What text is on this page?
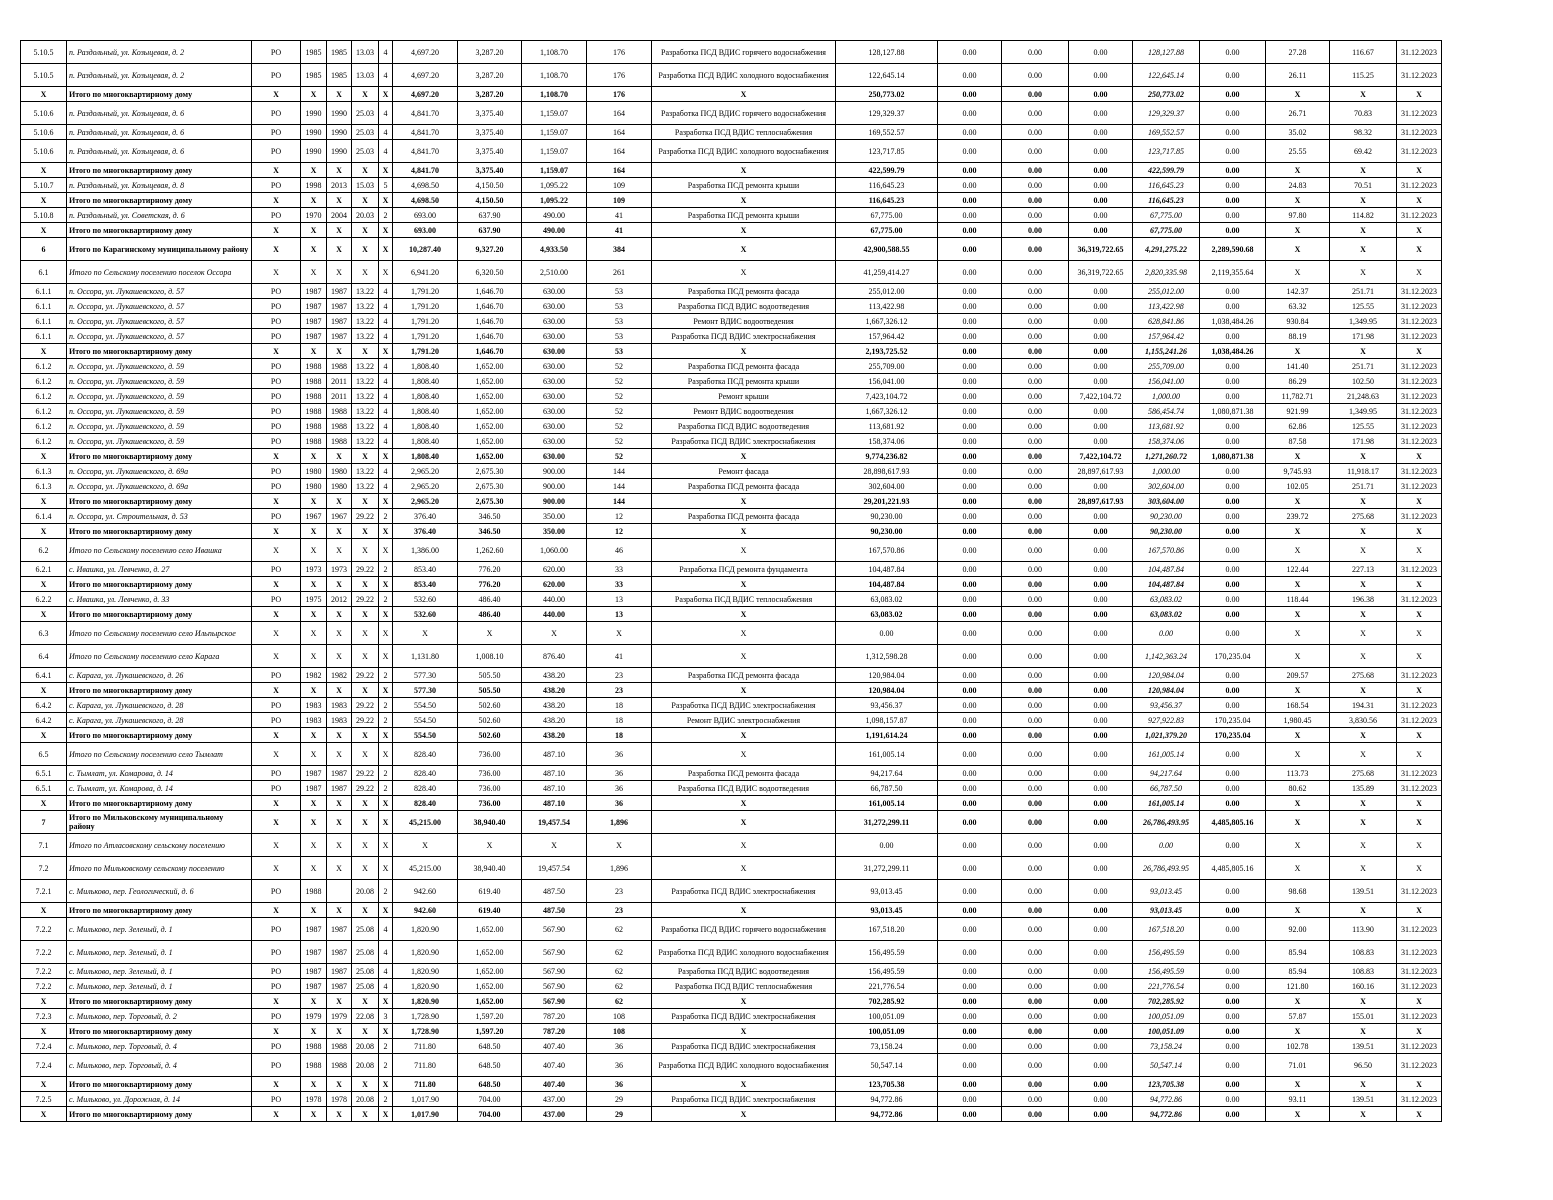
5.10.5	п. Раздольный, ул. Козыцевая, д. 2	РО	1985	1985	13.03	4	4,697.20	3,287.20	1,108.70	176	Разработка ПСД ВДИС горячего водоснабжения	128,127.88	0.00	0.00	0.00	128,127.88	0.00	27.28	116.67	31.12.2023
5.10.5	п. Раздольный, ул. Козыцевая, д. 2	РО	1985	1985	13.03	4	4,697.20	3,287.20	1,108.70	176	Разработка ПСД ВДИС холодного водоснабжения	122,645.14	0.00	0.00	0.00	122,645.14	0.00	26.11	115.25	31.12.2023
X	Итого по многоквартирному дому	X	X	X	X	X	4,697.20	3,287.20	1,108.70	176	X	250,773.02	0.00	0.00	0.00	250,773.02	0.00	X	X	X
5.10.6	п. Раздольный, ул. Козыцевая, д. 6	РО	1990	1990	25.03	4	4,841.70	3,375.40	1,159.07	164	Разработка ПСД ВДИС горячего водоснабжения	129,329.37	0.00	0.00	0.00	129,329.37	0.00	26.71	70.83	31.12.2023
5.10.6	п. Раздольный, ул. Козыцевая, д. 6	РО	1990	1990	25.03	4	4,841.70	3,375.40	1,159.07	164	Разработка ПСД ВДИС теплоснабжения	169,552.57	0.00	0.00	0.00	169,552.57	0.00	35.02	98.32	31.12.2023
5.10.6	п. Раздольный, ул. Козыцевая, д. 6	РО	1990	1990	25.03	4	4,841.70	3,375.40	1,159.07	164	Разработка ПСД ВДИС холодного водоснабжения	123,717.85	0.00	0.00	0.00	123,717.85	0.00	25.55	69.42	31.12.2023
X	Итого по многоквартирному дому	X	X	X	X	X	4,841.70	3,375.40	1,159.07	164	X	422,599.79	0.00	0.00	0.00	422,599.79	0.00	X	X	X
5.10.7	п. Раздольный, ул. Козыцевая, д. 8	РО	1998	2013	15.03	5	4,698.50	4,150.50	1,095.22	109	Разработка ПСД ремонта крыши	116,645.23	0.00	0.00	0.00	116,645.23	0.00	24.83	70.51	31.12.2023
X	Итого по многоквартирному дому	X	X	X	X	X	4,698.50	4,150.50	1,095.22	109	X	116,645.23	0.00	0.00	0.00	116,645.23	0.00	X	X	X
5.10.8	п. Раздольный, ул. Советская, д. 6	РО	1970	2004	20.03	2	693.00	637.90	490.00	41	Разработка ПСД ремонта крыши	67,775.00	0.00	0.00	0.00	67,775.00	0.00	97.80	114.82	31.12.2023
X	Итого по многоквартирному дому	X	X	X	X	X	693.00	637.90	490.00	41	X	67,775.00	0.00	0.00	0.00	67,775.00	0.00	X	X	X
6	Итого по Карагинскому муниципальному району	X	X	X	X	X	10,287.40	9,327.20	4,933.50	384	X	42,900,588.55	0.00	0.00	36,319,722.65	4,291,275.22	2,289,590.68	X	X	X
6.1	Итого по Сельскому поселению поселок Оссора	X	X	X	X	X	6,941.20	6,320.50	2,510.00	261	X	41,259,414.27	0.00	0.00	36,319,722.65	2,820,335.98	2,119,355.64	X	X	X
6.1.1	п. Оссора, ул. Лукашевского, д. 57	РО	1987	1987	13.22	4	1,791.20	1,646.70	630.00	53	Разработка ПСД ремонта фасада	255,012.00	0.00	0.00	0.00	255,012.00	0.00	142.37	251.71	31.12.2023
6.1.1	п. Оссора, ул. Лукашевского, д. 57	РО	1987	1987	13.22	4	1,791.20	1,646.70	630.00	53	Разработка ПСД ВДИС водоотведения	113,422.98	0.00	0.00	0.00	113,422.98	0.00	63.32	125.55	31.12.2023
6.1.1	п. Оссора, ул. Лукашевского, д. 57	РО	1987	1987	13.22	4	1,791.20	1,646.70	630.00	53	Ремонт ВДИС водоотведения	1,667,326.12	0.00	0.00	0.00	628,841.86	1,038,484.26	930.84	1,349.95	31.12.2023
6.1.1	п. Оссора, ул. Лукашевского, д. 57	РО	1987	1987	13.22	4	1,791.20	1,646.70	630.00	53	Разработка ПСД ВДИС электроснабжения	157,964.42	0.00	0.00	0.00	157,964.42	0.00	88.19	171.98	31.12.2023
X	Итого по многоквартирному дому	X	X	X	X	X	1,791.20	1,646.70	630.00	53	X	2,193,725.52	0.00	0.00	0.00	1,155,241.26	1,038,484.26	X	X	X
6.1.2	п. Оссора, ул. Лукашевского, д. 59	РО	1988	1988	13.22	4	1,808.40	1,652.00	630.00	52	Разработка ПСД ремонта фасада	255,709.00	0.00	0.00	0.00	255,709.00	0.00	141.40	251.71	31.12.2023
6.1.2	п. Оссора, ул. Лукашевского, д. 59	РО	1988	2011	13.22	4	1,808.40	1,652.00	630.00	52	Разработка ПСД ремонта крыши	156,041.00	0.00	0.00	0.00	156,041.00	0.00	86.29	102.50	31.12.2023
6.1.2	п. Оссора, ул. Лукашевского, д. 59	РО	1988	2011	13.22	4	1,808.40	1,652.00	630.00	52	Ремонт крыши	7,423,104.72	0.00	0.00	7,422,104.72	1,000.00	0.00	11,782.71	21,248.63	31.12.2023
6.1.2	п. Оссора, ул. Лукашевского, д. 59	РО	1988	1988	13.22	4	1,808.40	1,652.00	630.00	52	Ремонт ВДИС водоотведения	1,667,326.12	0.00	0.00	0.00	586,454.74	1,080,871.38	921.99	1,349.95	31.12.2023
6.1.2	п. Оссора, ул. Лукашевского, д. 59	РО	1988	1988	13.22	4	1,808.40	1,652.00	630.00	52	Разработка ПСД ВДИС водоотведения	113,681.92	0.00	0.00	0.00	113,681.92	0.00	62.86	125.55	31.12.2023
6.1.2	п. Оссора, ул. Лукашевского, д. 59	РО	1988	1988	13.22	4	1,808.40	1,652.00	630.00	52	Разработка ПСД ВДИС электроснабжения	158,374.06	0.00	0.00	0.00	158,374.06	0.00	87.58	171.98	31.12.2023
X	Итого по многоквартирному дому	X	X	X	X	X	1,808.40	1,652.00	630.00	52	X	9,774,236.82	0.00	0.00	7,422,104.72	1,271,260.72	1,080,871.38	X	X	X
6.1.3	п. Оссора, ул. Лукашевского, д. 69а	РО	1980	1980	13.22	4	2,965.20	2,675.30	900.00	144	Ремонт фасада	28,898,617.93	0.00	0.00	28,897,617.93	1,000.00	0.00	9,745.93	11,918.17	31.12.2023
6.1.3	п. Оссора, ул. Лукашевского, д. 69а	РО	1980	1980	13.22	4	2,965.20	2,675.30	900.00	144	Разработка ПСД ремонта фасада	302,604.00	0.00	0.00	0.00	302,604.00	0.00	102.05	251.71	31.12.2023
X	Итого по многоквартирному дому	X	X	X	X	X	2,965.20	2,675.30	900.00	144	X	29,201,221.93	0.00	0.00	28,897,617.93	303,604.00	0.00	X	X	X
6.1.4	п. Оссора, ул. Строительная, д. 53	РО	1967	1967	29.22	2	376.40	346.50	350.00	12	Разработка ПСД ремонта фасада	90,230.00	0.00	0.00	0.00	90,230.00	0.00	239.72	275.68	31.12.2023
X	Итого по многоквартирному дому	X	X	X	X	X	376.40	346.50	350.00	12	X	90,230.00	0.00	0.00	0.00	90,230.00	0.00	X	X	X
6.2	Итого по Сельскому поселению село Ивашка	X	X	X	X	X	1,386.00	1,262.60	1,060.00	46	X	167,570.86	0.00	0.00	0.00	167,570.86	0.00	X	X	X
6.2.1	с. Ивашка, ул. Левченко, д. 27	РО	1973	1973	29.22	2	853.40	776.20	620.00	33	Разработка ПСД ремонта фундамента	104,487.84	0.00	0.00	0.00	104,487.84	0.00	122.44	227.13	31.12.2023
X	Итого по многоквартирному дому	X	X	X	X	X	853.40	776.20	620.00	33	X	104,487.84	0.00	0.00	0.00	104,487.84	0.00	X	X	X
6.2.2	с. Ивашка, ул. Левченко, д. 33	РО	1975	2012	29.22	2	532.60	486.40	440.00	13	Разработка ПСД ВДИС теплоснабжения	63,083.02	0.00	0.00	0.00	63,083.02	0.00	118.44	196.38	31.12.2023
X	Итого по многоквартирному дому	X	X	X	X	X	532.60	486.40	440.00	13	X	63,083.02	0.00	0.00	0.00	63,083.02	0.00	X	X	X
6.3	Итого по Сельскому поселению село Ильпырское	X	X	X	X	X	X	X	X	X	X	0.00	0.00	0.00	0.00	0.00	0.00	X	X	X
6.4	Итого по Сельскому поселению село Карага	X	X	X	X	X	1,131.80	1,008.10	876.40	41	X	1,312,598.28	0.00	0.00	0.00	1,142,363.24	170,235.04	X	X	X
6.4.1	с. Карага, ул. Лукашевского, д. 26	РО	1982	1982	29.22	2	577.30	505.50	438.20	23	Разработка ПСД ремонта фасада	120,984.04	0.00	0.00	0.00	120,984.04	0.00	209.57	275.68	31.12.2023
X	Итого по многоквартирному дому	X	X	X	X	X	577.30	505.50	438.20	23	X	120,984.04	0.00	0.00	0.00	120,984.04	0.00	X	X	X
6.4.2	с. Карага, ул. Лукашевского, д. 28	РО	1983	1983	29.22	2	554.50	502.60	438.20	18	Разработка ПСД ВДИС электроснабжения	93,456.37	0.00	0.00	0.00	93,456.37	0.00	168.54	194.31	31.12.2023
6.4.2	с. Карага, ул. Лукашевского, д. 28	РО	1983	1983	29.22	2	554.50	502.60	438.20	18	Ремонт ВДИС электроснабжения	1,098,157.87	0.00	0.00	0.00	927,922.83	170,235.04	1,980.45	3,830.56	31.12.2023
X	Итого по многоквартирному дому	X	X	X	X	X	554.50	502.60	438.20	18	X	1,191,614.24	0.00	0.00	0.00	1,021,379.20	170,235.04	X	X	X
6.5	Итого по Сельскому поселению село Тымлат	X	X	X	X	X	828.40	736.00	487.10	36	X	161,005.14	0.00	0.00	0.00	161,005.14	0.00	X	X	X
6.5.1	с. Тымлат, ул. Комарова, д. 14	РО	1987	1987	29.22	2	828.40	736.00	487.10	36	Разработка ПСД ремонта фасада	94,217.64	0.00	0.00	0.00	94,217.64	0.00	113.73	275.68	31.12.2023
6.5.1	с. Тымлат, ул. Комарова, д. 14	РО	1987	1987	29.22	2	828.40	736.00	487.10	36	Разработка ПСД ВДИС водоотведения	66,787.50	0.00	0.00	0.00	66,787.50	0.00	80.62	135.89	31.12.2023
X	Итого по многоквартирному дому	X	X	X	X	X	828.40	736.00	487.10	36	X	161,005.14	0.00	0.00	0.00	161,005.14	0.00	X	X	X
7	Итого по Мильковскому муниципальному району	X	X	X	X	X	45,215.00	38,940.40	19,457.54	1,896	X	31,272,299.11	0.00	0.00	0.00	26,786,493.95	4,485,805.16	X	X	X
7.1	Итого по Атласовскому сельскому поселению	X	X	X	X	X	X	X	X	X	X	0.00	0.00	0.00	0.00	0.00	0.00	X	X	X
7.2	Итого по Мильковскому сельскому поселению	X	X	X	X	X	45,215.00	38,940.40	19,457.54	1,896	X	31,272,299.11	0.00	0.00	0.00	26,786,493.95	4,485,805.16	X	X	X
7.2.1	с. Мильково, пер. Геологический, д. 6	РО	1988		20.08	2	942.60	619.40	487.50	23	Разработка ПСД ВДИС электроснабжения	93,013.45	0.00	0.00	0.00	93,013.45	0.00	98.68	139.51	31.12.2023
X	Итого по многоквартирному дому	X	X	X	X	X	942.60	619.40	487.50	23	X	93,013.45	0.00	0.00	0.00	93,013.45	0.00	X	X	X
7.2.2	с. Мильково, пер. Зеленый, д. 1	РО	1987	1987	25.08	4	1,820.90	1,652.00	567.90	62	Разработка ПСД ВДИС горячего водоснабжения	167,518.20	0.00	0.00	0.00	167,518.20	0.00	92.00	113.90	31.12.2023
7.2.2	с. Мильково, пер. Зеленый, д. 1	РО	1987	1987	25.08	4	1,820.90	1,652.00	567.90	62	Разработка ПСД ВДИС холодного водоснабжения	156,495.59	0.00	0.00	0.00	156,495.59	0.00	85.94	108.83	31.12.2023
7.2.2	с. Мильково, пер. Зеленый, д. 1	РО	1987	1987	25.08	4	1,820.90	1,652.00	567.90	62	Разработка ПСД ВДИС водоотведения	156,495.59	0.00	0.00	0.00	156,495.59	0.00	85.94	108.83	31.12.2023
7.2.2	с. Мильково, пер. Зеленый, д. 1	РО	1987	1987	25.08	4	1,820.90	1,652.00	567.90	62	Разработка ПСД ВДИС теплоснабжения	221,776.54	0.00	0.00	0.00	221,776.54	0.00	121.80	160.16	31.12.2023
X	Итого по многоквартирному дому	X	X	X	X	X	1,820.90	1,652.00	567.90	62	X	702,285.92	0.00	0.00	0.00	702,285.92	0.00	X	X	X
7.2.3	с. Мильково, пер. Торговый, д. 2	РО	1979	1979	22.08	3	1,728.90	1,597.20	787.20	108	Разработка ПСД ВДИС электроснабжения	100,051.09	0.00	0.00	0.00	100,051.09	0.00	57.87	155.01	31.12.2023
X	Итого по многоквартирному дому	X	X	X	X	X	1,728.90	1,597.20	787.20	108	X	100,051.09	0.00	0.00	0.00	100,051.09	0.00	X	X	X
7.2.4	с. Мильково, пер. Торговый, д. 4	РО	1988	1988	20.08	2	711.80	648.50	407.40	36	Разработка ПСД ВДИС электроснабжения	73,158.24	0.00	0.00	0.00	73,158.24	0.00	102.78	139.51	31.12.2023
7.2.4	с. Мильково, пер. Торговый, д. 4	РО	1988	1988	20.08	2	711.80	648.50	407.40	36	Разработка ПСД ВДИС холодного водоснабжения	50,547.14	0.00	0.00	0.00	50,547.14	0.00	71.01	96.50	31.12.2023
X	Итого по многоквартирному дому	X	X	X	X	X	711.80	648.50	407.40	36	X	123,705.38	0.00	0.00	0.00	123,705.38	0.00	X	X	X
7.2.5	с. Мильково, ул. Дорожная, д. 14	РО	1978	1978	20.08	2	1,017.90	704.00	437.00	29	Разработка ПСД ВДИС электроснабжения	94,772.86	0.00	0.00	0.00	94,772.86	0.00	93.11	139.51	31.12.2023
X	Итого по многоквартирному дому	X	X	X	X	X	1,017.90	704.00	437.00	29	X	94,772.86	0.00	0.00	0.00	94,772.86	0.00	X	X	X
